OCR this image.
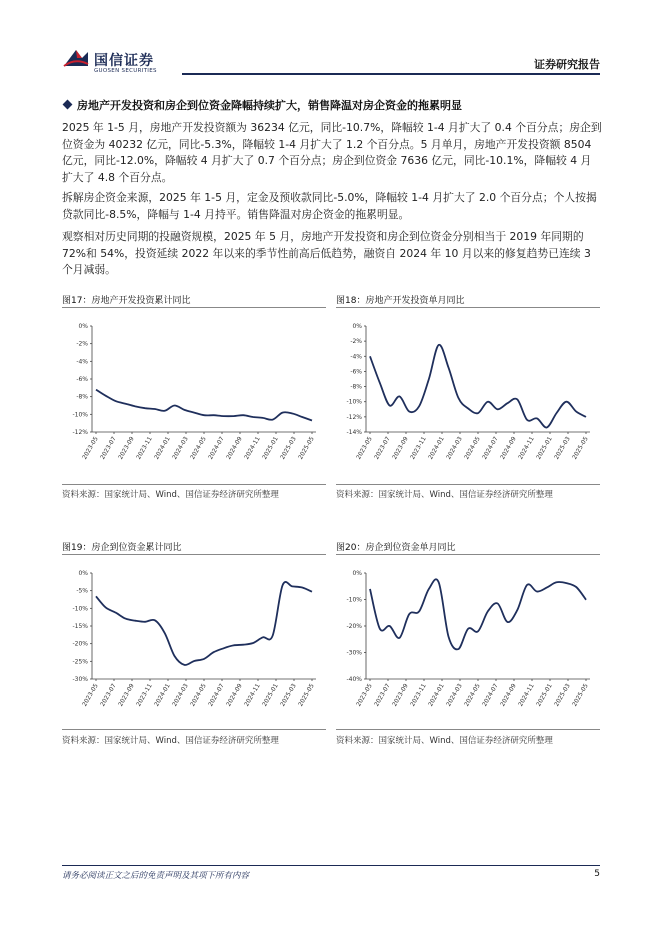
国信证券
GUOSEN SECURITIES	证券研究报告
房地产开发投资和房企到位资金降幅持续扩大，销售降温对房企资金的拖累明显
2025 年 1-5 月，房地产开发投资额为 36234 亿元，同比-10.7%，降幅较 1-4 月扩大了 0.4 个百分点；房企到位资金为 40232 亿元，同比-5.3%，降幅较 1-4 月扩大了 1.2 个百分点。5 月单月，房地产开发投资额 8504 亿元，同比-12.0%，降幅较 4 月扩大了 0.7 个百分点；房企到位资金 7636 亿元，同比-10.1%，降幅较 4 月扩大了 4.8 个百分点。
拆解房企资金来源，2025 年 1-5 月，定金及预收款同比-5.0%，降幅较 1-4 月扩大了 2.0 个百分点；个人按揭贷款同比-8.5%，降幅与 1-4 月持平。销售降温对房企资金的拖累明显。
观察相对历史同期的投融资规模，2025 年 5 月，房地产开发投资和房企到位资金分别相当于 2019 年同期的 72%和 54%，投资延续 2022 年以来的季节性前高后低趋势，融资自 2024 年 10 月以来的修复趋势已连续 3 个月减弱。
图17：房地产开发投资累计同比
0%
-2%
-4%
-6%
-8%
-10%
-12%
2023-05 2023-07 2023-09 2023-11 2024-01 2024-03 2024-05 2024-07 2024-09 2024-11 2025-01 2025-03 2025-05
资料来源：国家统计局、Wind、国信证券经济研究所整理
图18：房地产开发投资单月同比
0%
-2%
-4%
-6%
-8%
-10%
-12%
-14%
2023-05 2023-07 2023-09 2023-11 2024-01 2024-03 2024-05 2024-07 2024-09 2024-11 2025-01 2025-03 2025-05
资料来源：国家统计局、Wind、国信证券经济研究所整理
图19：房企到位资金累计同比
0%
-5%
-10%
-15%
-20%
-25%
-30%
2023-05 2023-07 2023-09 2023-11 2024-01 2024-03 2024-05 2024-07 2024-09 2024-11 2025-01 2025-03 2025-05
资料来源：国家统计局、Wind、国信证券经济研究所整理
图20：房企到位资金单月同比
0%
-10%
-20%
-30%
-40%
2023-05 2023-07 2023-09 2023-11 2024-01 2024-03 2024-05 2024-07 2024-09 2024-11 2025-01 2025-03 2025-05
资料来源：国家统计局、Wind、国信证券经济研究所整理
请务必阅读正文之后的免责声明及其项下所有内容	5
